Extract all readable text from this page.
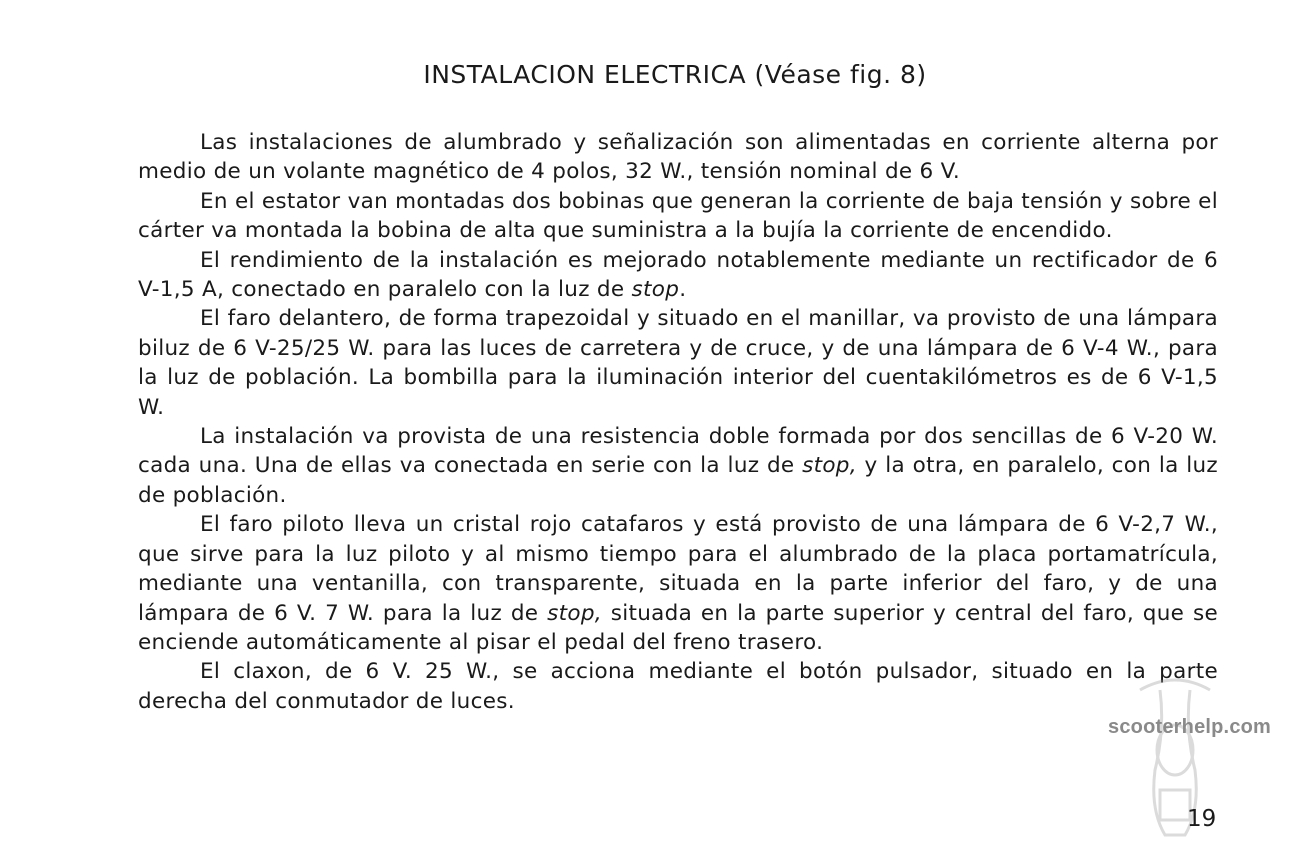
INSTALACION ELECTRICA (Véase fig. 8)

Las instalaciones de alumbrado y señalización son alimentadas en corriente alterna por medio de un volante magnético de 4 polos, 32 W., tensión nominal de 6 V.

En el estator van montadas dos bobinas que generan la corriente de baja tensión y sobre el cárter va montada la bobina de alta que suministra a la bujía la corriente de encendido.

El rendimiento de la instalación es mejorado notablemente mediante un rectificador de 6 V-1,5 A, conectado en paralelo con la luz de stop.

El faro delantero, de forma trapezoidal y situado en el manillar, va provisto de una lámpara biluz de 6 V-25/25 W. para las luces de carretera y de cruce, y de una lámpara de 6 V-4 W., para la luz de población. La bombilla para la iluminación interior del cuentakilómetros es de 6 V-1,5 W.

La instalación va provista de una resistencia doble formada por dos sencillas de 6 V-20 W. cada una. Una de ellas va conectada en serie con la luz de stop, y la otra, en paralelo, con la luz de población.

El faro piloto lleva un cristal rojo catafaros y está provisto de una lámpara de 6 V-2,7 W., que sirve para la luz piloto y al mismo tiempo para el alumbrado de la placa portamatrícula, mediante una ventanilla, con transparente, situada en la parte inferior del faro, y de una lámpara de 6 V. 7 W. para la luz de stop, situada en la parte superior y central del faro, que se enciende automáticamente al pisar el pedal del freno trasero.

El claxon, de 6 V. 25 W., se acciona mediante el botón pulsador, situado en la parte derecha del conmutador de luces.

scooterhelp.com
19
